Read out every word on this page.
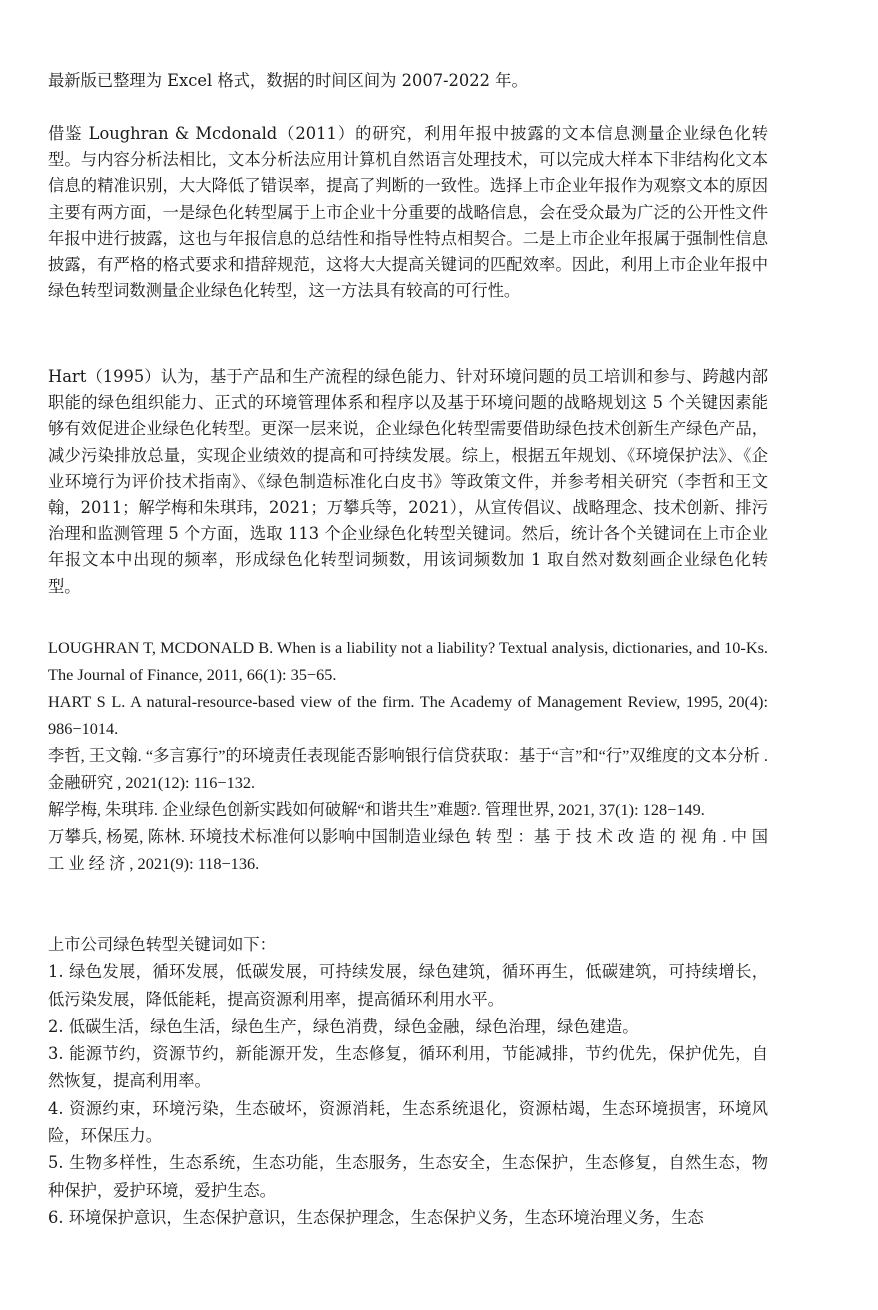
最新版已整理为 Excel 格式，数据的时间区间为 2007-2022 年。

借鉴 Loughran & Mcdonald（2011）的研究，利用年报中披露的文本信息测量企业绿色化转型。与内容分析法相比，文本分析法应用计算机自然语言处理技术，可以完成大样本下非结构化文本信息的精准识别，大大降低了错误率，提高了判断的一致性。选择上市企业年报作为观察文本的原因主要有两方面，一是绿色化转型属于上市企业十分重要的战略信息，会在受众最为广泛的公开性文件年报中进行披露，这也与年报信息的总结性和指导性特点相契合。二是上市企业年报属于强制性信息披露，有严格的格式要求和措辞规范，这将大大提高关键词的匹配效率。因此，利用上市企业年报中绿色转型词数测量企业绿色化转型，这一方法具有较高的可行性。

Hart（1995）认为，基于产品和生产流程的绿色能力、针对环境问题的员工培训和参与、跨越内部职能的绿色组织能力、正式的环境管理体系和程序以及基于环境问题的战略规划这 5 个关键因素能够有效促进企业绿色化转型。更深一层来说，企业绿色化转型需要借助绿色技术创新生产绿色产品，减少污染排放总量，实现企业绩效的提高和可持续发展。综上，根据五年规划、《环境保护法》、《企业环境行为评价技术指南》、《绿色制造标准化白皮书》等政策文件，并参考相关研究（李哲和王文翰，2011；解学梅和朱琪玮，2021；万攀兵等，2021），从宣传倡议、战略理念、技术创新、排污治理和监测管理 5 个方面，选取 113 个企业绿色化转型关键词。然后，统计各个关键词在上市企业年报文本中出现的频率，形成绿色化转型词频数，用该词频数加 1 取自然对数刻画企业绿色化转型。

LOUGHRAN T, MCDONALD B. When is a liability not a liability? Textual analysis, dictionaries, and 10-Ks. The Journal of Finance, 2011, 66(1): 35−65.
HART S L. A natural-resource-based view of the firm. The Academy of Management Review, 1995, 20(4): 986−1014.
李哲, 王文翰. “多言寡行”的环境责任表现能否影响银行信贷获取：基于“言”和“行”双维度的文本分析 . 金融研究 , 2021(12): 116−132.
解学梅, 朱琪玮. 企业绿色创新实践如何破解“和谐共生”难题?. 管理世界, 2021, 37(1): 128−149.
万攀兵, 杨冕, 陈林. 环境技术标准何以影响中国制造业绿色 转 型 ：基 于 技 术 改 造 的 视 角 . 中 国 工 业 经 济 , 2021(9): 118−136.
上市公司绿色转型关键词如下：
1. 绿色发展，循环发展，低碳发展，可持续发展，绿色建筑，循环再生，低碳建筑，可持续增长，低污染发展，降低能耗，提高资源利用率，提高循环利用水平。
2. 低碳生活，绿色生活，绿色生产，绿色消费，绿色金融，绿色治理，绿色建造。
3. 能源节约，资源节约，新能源开发，生态修复，循环利用，节能减排，节约优先，保护优先，自然恢复，提高利用率。
4. 资源约束，环境污染，生态破坏，资源消耗，生态系统退化，资源枯竭，生态环境损害，环境风险，环保压力。
5. 生物多样性，生态系统，生态功能，生态服务，生态安全，生态保护，生态修复，自然生态，物种保护，爱护环境，爱护生态。
6. 环境保护意识，生态保护意识，生态保护理念，生态保护义务，生态环境治理义务，生态
